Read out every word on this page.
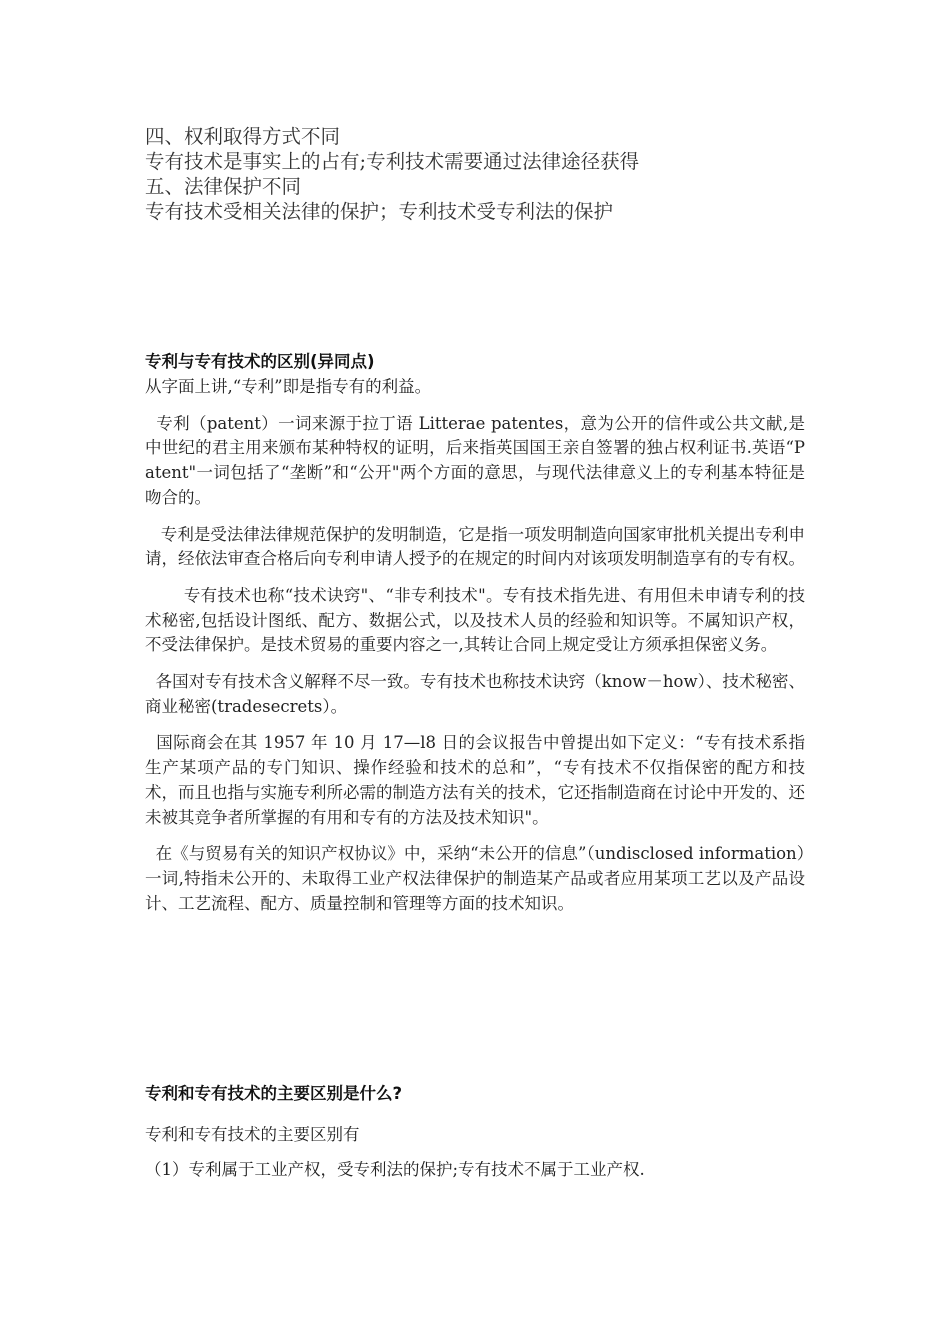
四、权利取得方式不同

专有技术是事实上的占有;专利技术需要通过法律途径获得

五、法律保护不同

专有技术受相关法律的保护；专利技术受专利法的保护

专利与专有技术的区别(异同点)

从字面上讲,“专利”即是指专有的利益。

专利（patent）一词来源于拉丁语 Litterae patentes，意为公开的信件或公共文献,是中世纪的君主用来颁布某种特权的证明，后来指英国国王亲自签署的独占权利证书.英语“Patent"一词包括了“垄断”和“公开"两个方面的意思，与现代法律意义上的专利基本特征是吻合的。

专利是受法律法律规范保护的发明制造，它是指一项发明制造向国家审批机关提出专利申请，经依法审查合格后向专利申请人授予的在规定的时间内对该项发明制造享有的专有权。

专有技术也称“技术诀窍"、“非专利技术"。专有技术指先进、有用但未申请专利的技术秘密,包括设计图纸、配方、数据公式，以及技术人员的经验和知识等。不属知识产权，不受法律保护。是技术贸易的重要内容之一,其转让合同上规定受让方须承担保密义务。

各国对专有技术含义解释不尽一致。专有技术也称技术诀窍（know－how）、技术秘密、商业秘密(tradesecrets）。

国际商会在其 1957 年 10 月 17—l8 日的会议报告中曾提出如下定义：“专有技术系指生产某项产品的专门知识、操作经验和技术的总和”，“专有技术不仅指保密的配方和技术，而且也指与实施专利所必需的制造方法有关的技术，它还指制造商在讨论中开发的、还未被其竞争者所掌握的有用和专有的方法及技术知识"。

在《与贸易有关的知识产权协议》中，采纳“未公开的信息”（undisclosed information）一词,特指未公开的、未取得工业产权法律保护的制造某产品或者应用某项工艺以及产品设计、工艺流程、配方、质量控制和管理等方面的技术知识。

专利和专有技术的主要区别是什么?

专利和专有技术的主要区别有

（1）专利属于工业产权，受专利法的保护;专有技术不属于工业产权.
